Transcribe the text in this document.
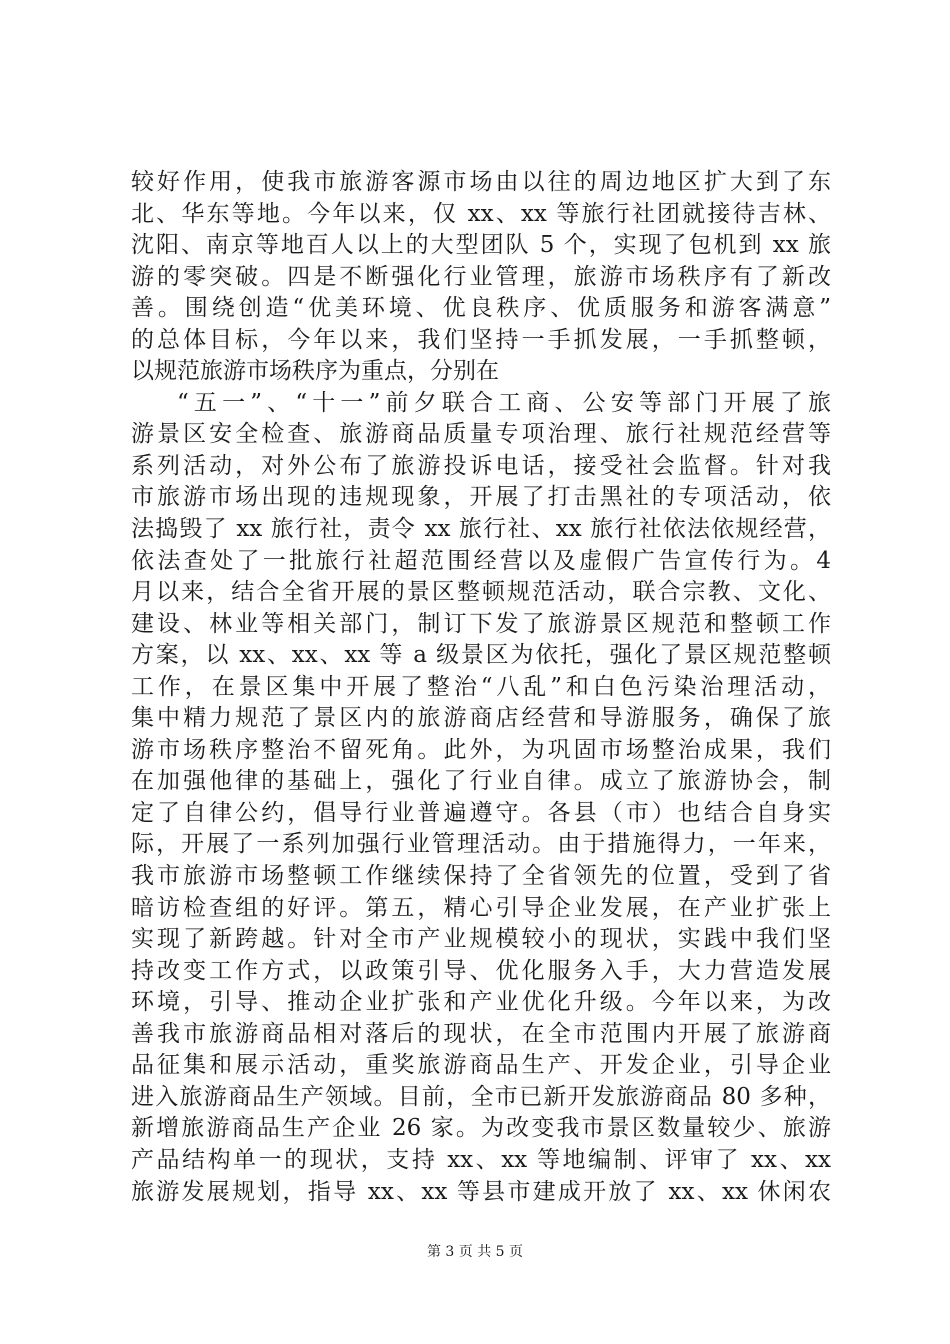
较好作用，使我市旅游客源市场由以往的周边地区扩大到了东
北、华东等地。今年以来，仅 xx、xx 等旅行社团就接待吉林、
沈阳、南京等地百人以上的大型团队 5 个，实现了包机到 xx 旅
游的零突破。四是不断强化行业管理，旅游市场秩序有了新改
善。围绕创造“优美环境、优良秩序、优质服务和游客满意”
的总体目标，今年以来，我们坚持一手抓发展，一手抓整顿，
以规范旅游市场秩序为重点，分别在
“五一”、“十一”前夕联合工商、公安等部门开展了旅
游景区安全检查、旅游商品质量专项治理、旅行社规范经营等
系列活动，对外公布了旅游投诉电话，接受社会监督。针对我
市旅游市场出现的违规现象，开展了打击黑社的专项活动，依
法捣毁了 xx 旅行社，责令 xx 旅行社、xx 旅行社依法依规经营，
依法查处了一批旅行社超范围经营以及虚假广告宣传行为。4
月以来，结合全省开展的景区整顿规范活动，联合宗教、文化、
建设、林业等相关部门，制订下发了旅游景区规范和整顿工作
方案，以 xx、xx、xx 等 a 级景区为依托，强化了景区规范整顿
工作，在景区集中开展了整治“八乱”和白色污染治理活动，
集中精力规范了景区内的旅游商店经营和导游服务，确保了旅
游市场秩序整治不留死角。此外，为巩固市场整治成果，我们
在加强他律的基础上，强化了行业自律。成立了旅游协会，制
定了自律公约，倡导行业普遍遵守。各县（市）也结合自身实
际，开展了一系列加强行业管理活动。由于措施得力，一年来，
我市旅游市场整顿工作继续保持了全省领先的位置，受到了省
暗访检查组的好评。第五，精心引导企业发展，在产业扩张上
实现了新跨越。针对全市产业规模较小的现状，实践中我们坚
持改变工作方式，以政策引导、优化服务入手，大力营造发展
环境，引导、推动企业扩张和产业优化升级。今年以来，为改
善我市旅游商品相对落后的现状，在全市范围内开展了旅游商
品征集和展示活动，重奖旅游商品生产、开发企业，引导企业
进入旅游商品生产领域。目前，全市已新开发旅游商品 80 多种，
新增旅游商品生产企业 26 家。为改变我市景区数量较少、旅游
产品结构单一的现状，支持 xx、xx 等地编制、评审了 xx、xx
旅游发展规划，指导 xx、xx 等县市建成开放了 xx、xx 休闲农
第 3 页 共 5 页
